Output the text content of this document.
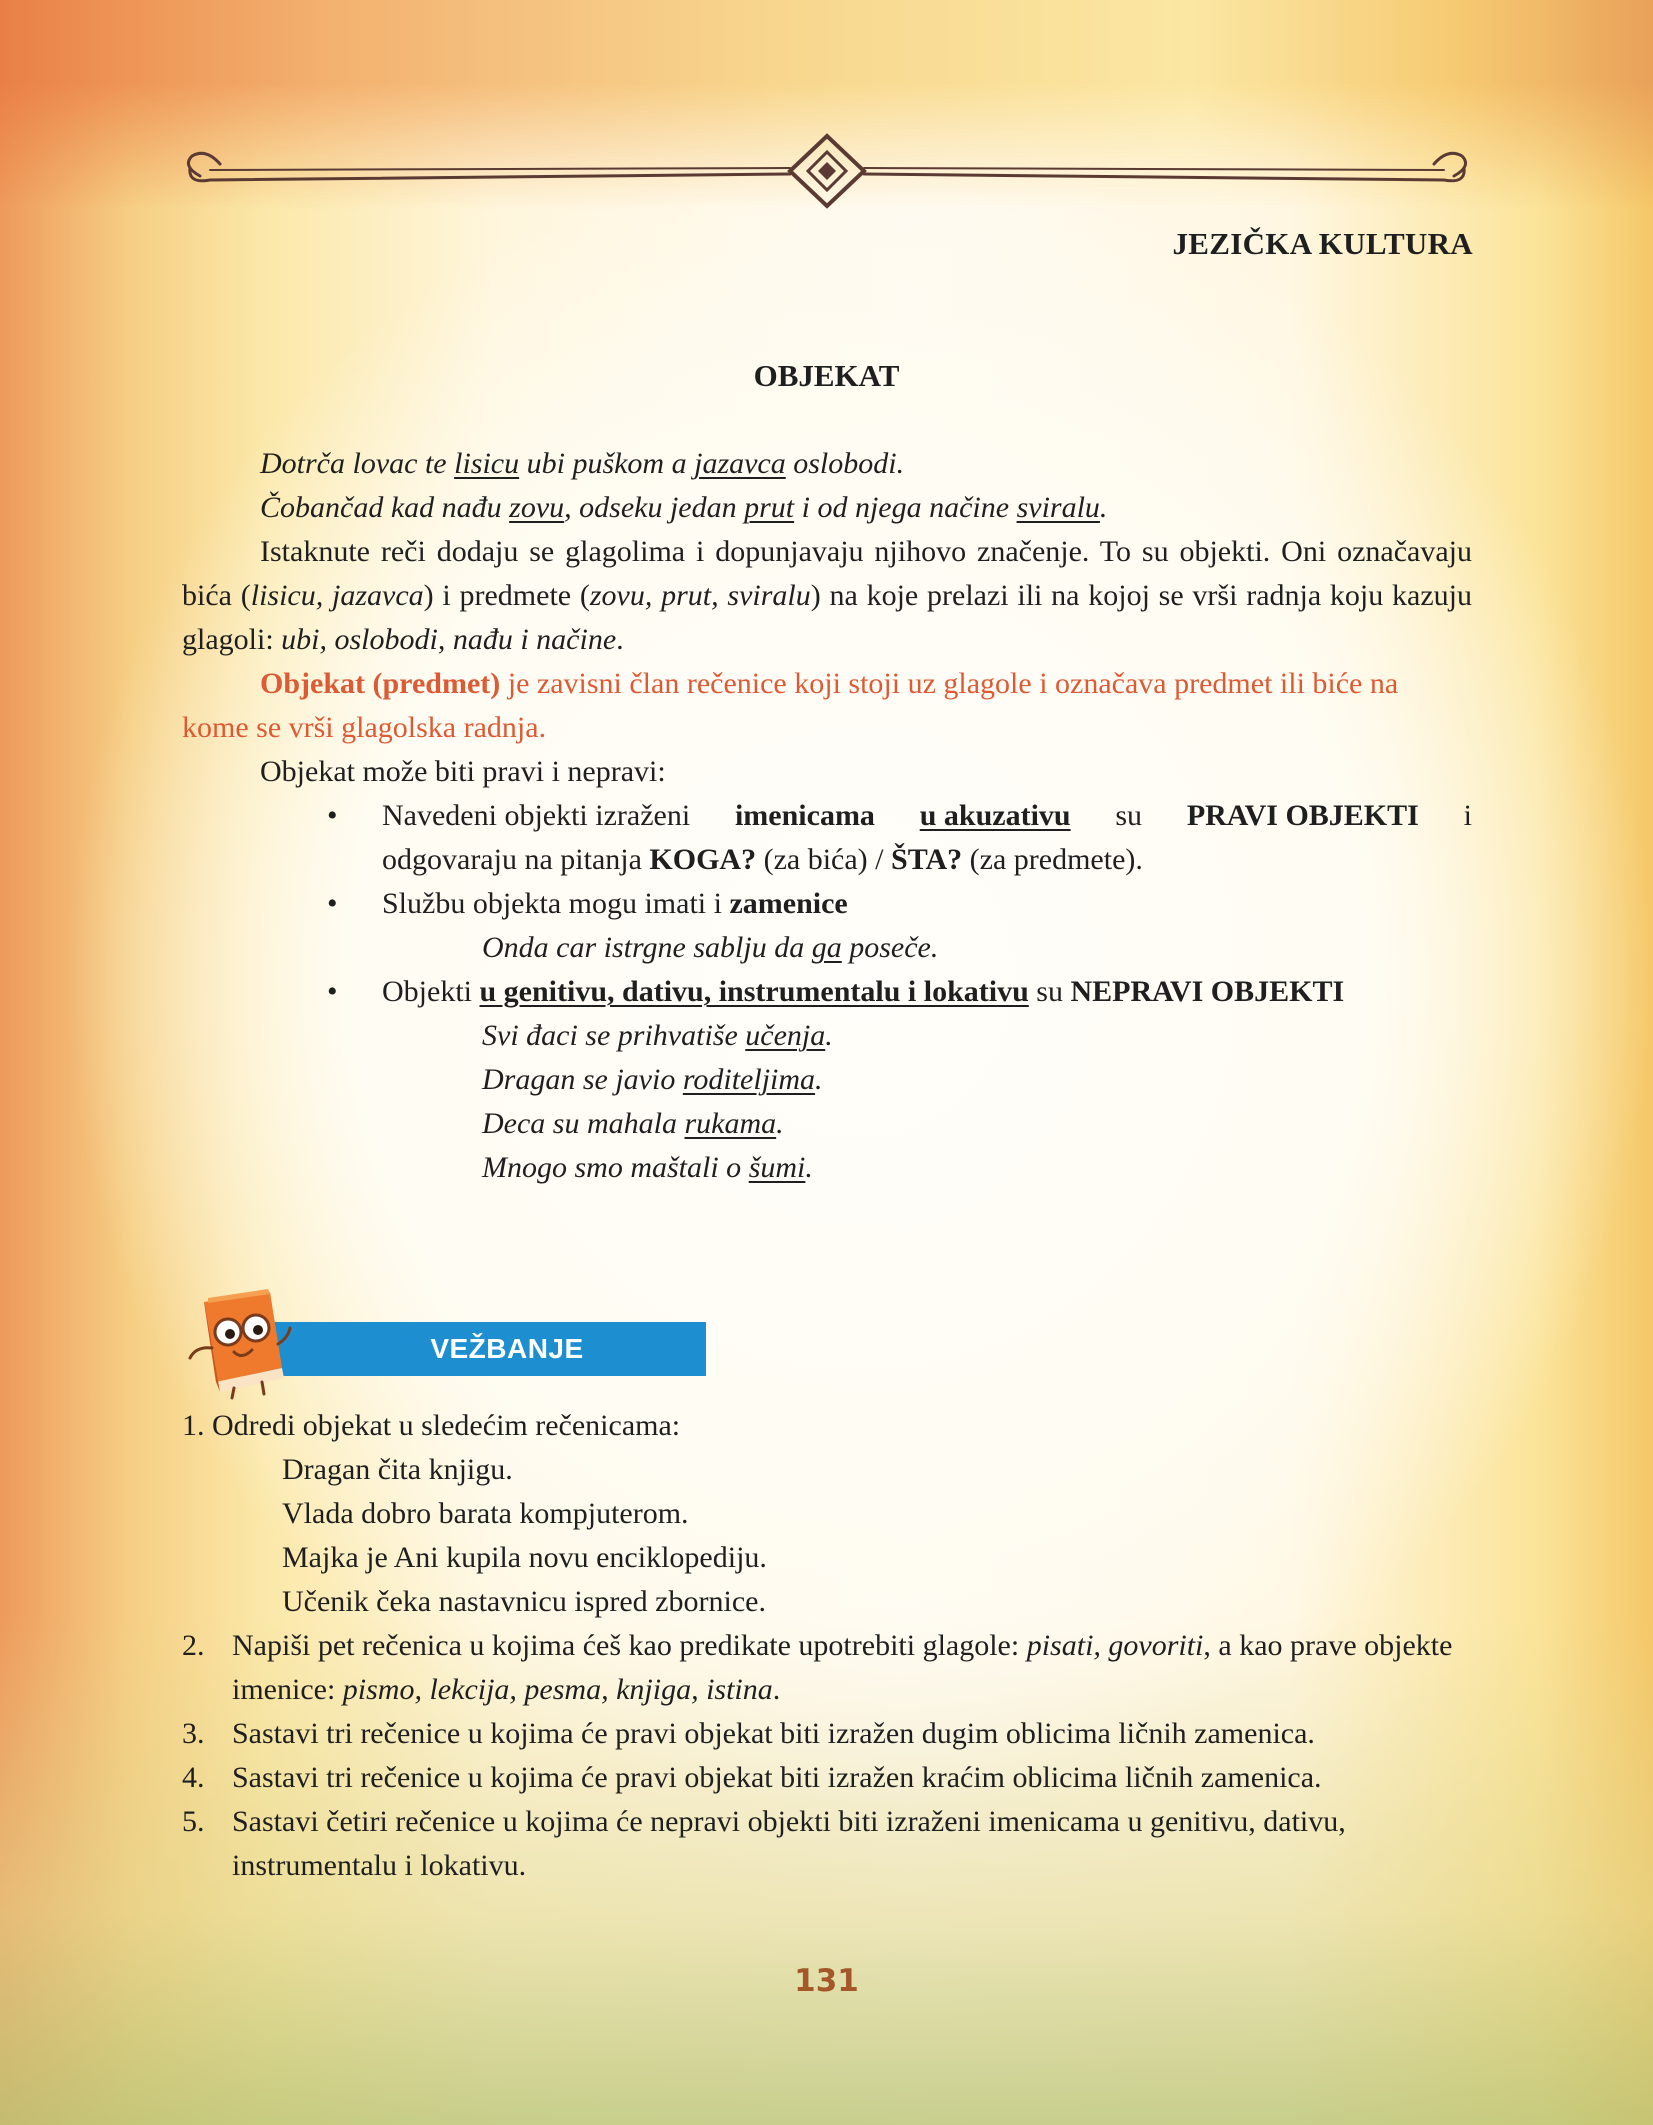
JEZIČKA KULTURA
OBJEKAT

Dotrča lovac te lisicu ubi puškom a jazavca oslobodi.

Čobančad kad nađu zovu, odseku jedan prut i od njega načine sviralu.

Istaknute reči dodaju se glagolima i dopunjavaju njihovo značenje. To su objekti. Oni označavaju bića (lisicu, jazavca) i predmete (zovu, prut, sviralu) na koje prelazi ili na kojoj se vrši radnja koju kazuju glagoli: ubi, oslobodi, nađu i načine.

Objekat (predmet) je zavisni član rečenice koji stoji uz glagole i označava predmet ili biće na kome se vrši glagolska radnja.

Objekat može biti pravi i nepravi:

• Navedeni objekti izraženi imenicama u akuzativu su PRAVI OBJEKTI i
odgovaraju na pitanja KOGA? (za bića) / ŠTA? (za predmete).
• Službu objekta mogu imati i zamenice

Onda car istrgne sablju da ga poseče.

• Objekti u genitivu, dativu, instrumentalu i lokativu su NEPRAVI OBJEKTI

Svi đaci se prihvatiše učenja.

Dragan se javio roditeljima.

Deca su mahala rukama.

Mnogo smo maštali o šumi.

VEŽBANJE

1. Odredi objekat u sledećim rečenicama:

Dragan čita knjigu.

Vlada dobro barata kompjuterom.

Majka je Ani kupila novu enciklopediju.

Učenik čeka nastavnicu ispred zbornice.

2. Napiši pet rečenica u kojima ćeš kao predikate upotrebiti glagole: pisati, govoriti, a kao prave objekte imenice: pismo, lekcija, pesma, knjiga, istina.

3. Sastavi tri rečenice u kojima će pravi objekat biti izražen dugim oblicima ličnih zamenica.

4. Sastavi tri rečenice u kojima će pravi objekat biti izražen kraćim oblicima ličnih zamenica.

5. Sastavi četiri rečenice u kojima će nepravi objekti biti izraženi imenicama u genitivu, dativu, instrumentalu i lokativu.

131
